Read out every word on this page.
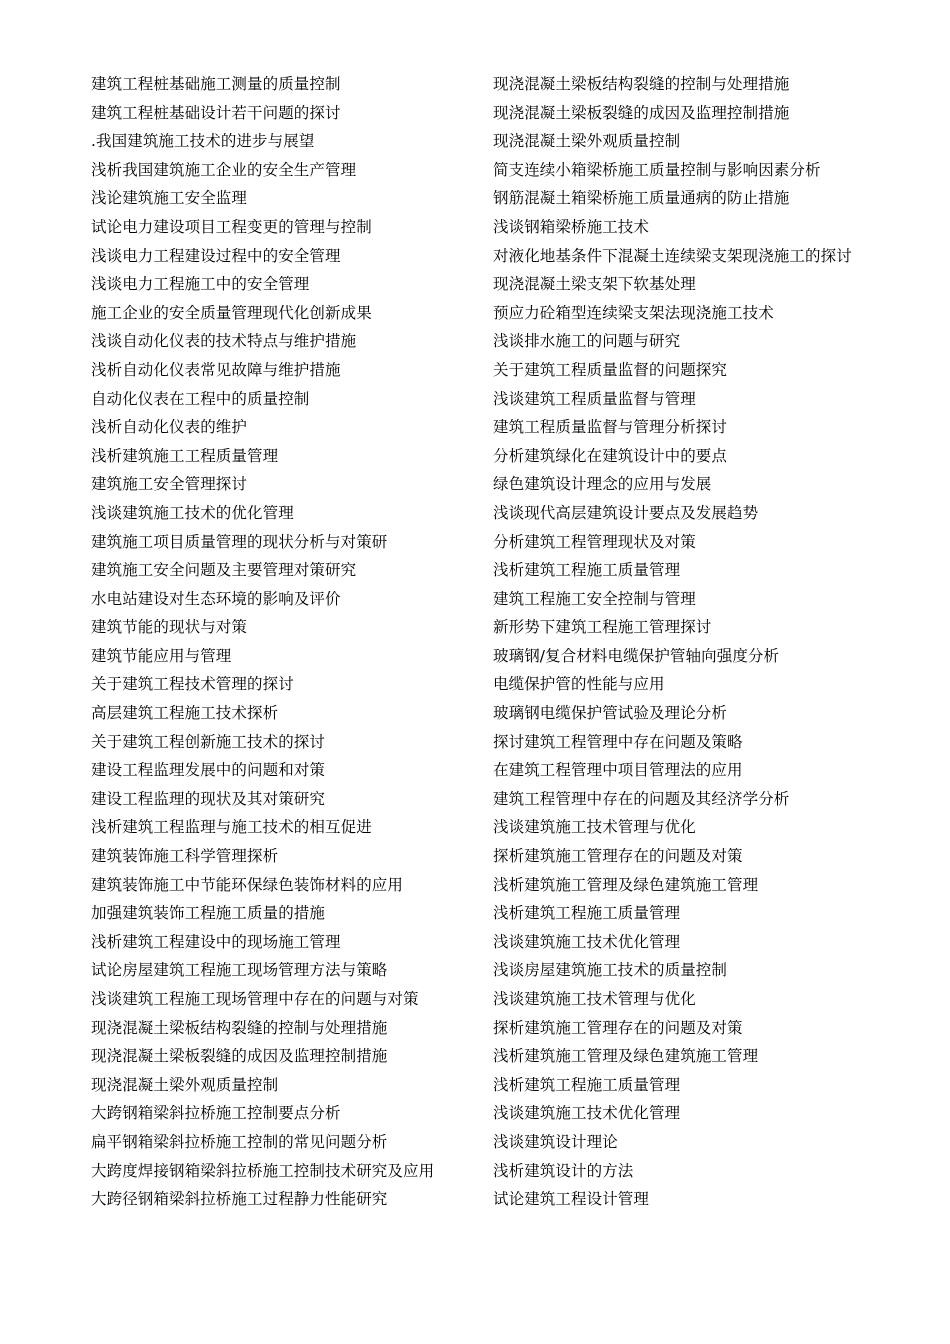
建筑工程桩基础施工测量的质量控制
建筑工程桩基础设计若干问题的探讨
.我国建筑施工技术的进步与展望
浅析我国建筑施工企业的安全生产管理
浅论建筑施工安全监理
试论电力建设项目工程变更的管理与控制
浅谈电力工程建设过程中的安全管理
浅谈电力工程施工中的安全管理
施工企业的安全质量管理现代化创新成果
浅谈自动化仪表的技术特点与维护措施
浅析自动化仪表常见故障与维护措施
自动化仪表在工程中的质量控制
浅析自动化仪表的维护
浅析建筑施工工程质量管理
建筑施工安全管理探讨
浅谈建筑施工技术的优化管理
建筑施工项目质量管理的现状分析与对策研
建筑施工安全问题及主要管理对策研究
水电站建设对生态环境的影响及评价
建筑节能的现状与对策
建筑节能应用与管理
关于建筑工程技术管理的探讨
高层建筑工程施工技术探析
关于建筑工程创新施工技术的探讨
建设工程监理发展中的问题和对策
建设工程监理的现状及其对策研究
浅析建筑工程监理与施工技术的相互促进
建筑装饰施工科学管理探析
建筑装饰施工中节能环保绿色装饰材料的应用
加强建筑装饰工程施工质量的措施
浅析建筑工程建设中的现场施工管理
试论房屋建筑工程施工现场管理方法与策略
浅谈建筑工程施工现场管理中存在的问题与对策
现浇混凝土梁板结构裂缝的控制与处理措施
现浇混凝土梁板裂缝的成因及监理控制措施
现浇混凝土梁外观质量控制
大跨钢箱梁斜拉桥施工控制要点分析
扁平钢箱梁斜拉桥施工控制的常见问题分析
大跨度焊接钢箱梁斜拉桥施工控制技术研究及应用
大跨径钢箱梁斜拉桥施工过程静力性能研究
现浇混凝土梁板结构裂缝的控制与处理措施
现浇混凝土梁板裂缝的成因及监理控制措施
现浇混凝土梁外观质量控制
简支连续小箱梁桥施工质量控制与影响因素分析
钢筋混凝土箱梁桥施工质量通病的防止措施
浅谈钢箱梁桥施工技术
对液化地基条件下混凝土连续梁支架现浇施工的探讨
现浇混凝土梁支架下软基处理
预应力砼箱型连续梁支架法现浇施工技术
浅谈排水施工的问题与研究
关于建筑工程质量监督的问题探究
浅谈建筑工程质量监督与管理
建筑工程质量监督与管理分析探讨
分析建筑绿化在建筑设计中的要点
绿色建筑设计理念的应用与发展
浅谈现代高层建筑设计要点及发展趋势
分析建筑工程管理现状及对策
浅析建筑工程施工质量管理
建筑工程施工安全控制与管理
新形势下建筑工程施工管理探讨
玻璃钢/复合材料电缆保护管轴向强度分析
电缆保护管的性能与应用
玻璃钢电缆保护管试验及理论分析
探讨建筑工程管理中存在问题及策略
在建筑工程管理中项目管理法的应用
建筑工程管理中存在的问题及其经济学分析
浅谈建筑施工技术管理与优化
探析建筑施工管理存在的问题及对策
浅析建筑施工管理及绿色建筑施工管理
浅析建筑工程施工质量管理
浅谈建筑施工技术优化管理
浅谈房屋建筑施工技术的质量控制
浅谈建筑施工技术管理与优化
探析建筑施工管理存在的问题及对策
浅析建筑施工管理及绿色建筑施工管理
浅析建筑工程施工质量管理
浅谈建筑施工技术优化管理
浅谈建筑设计理论
浅析建筑设计的方法
试论建筑工程设计管理
